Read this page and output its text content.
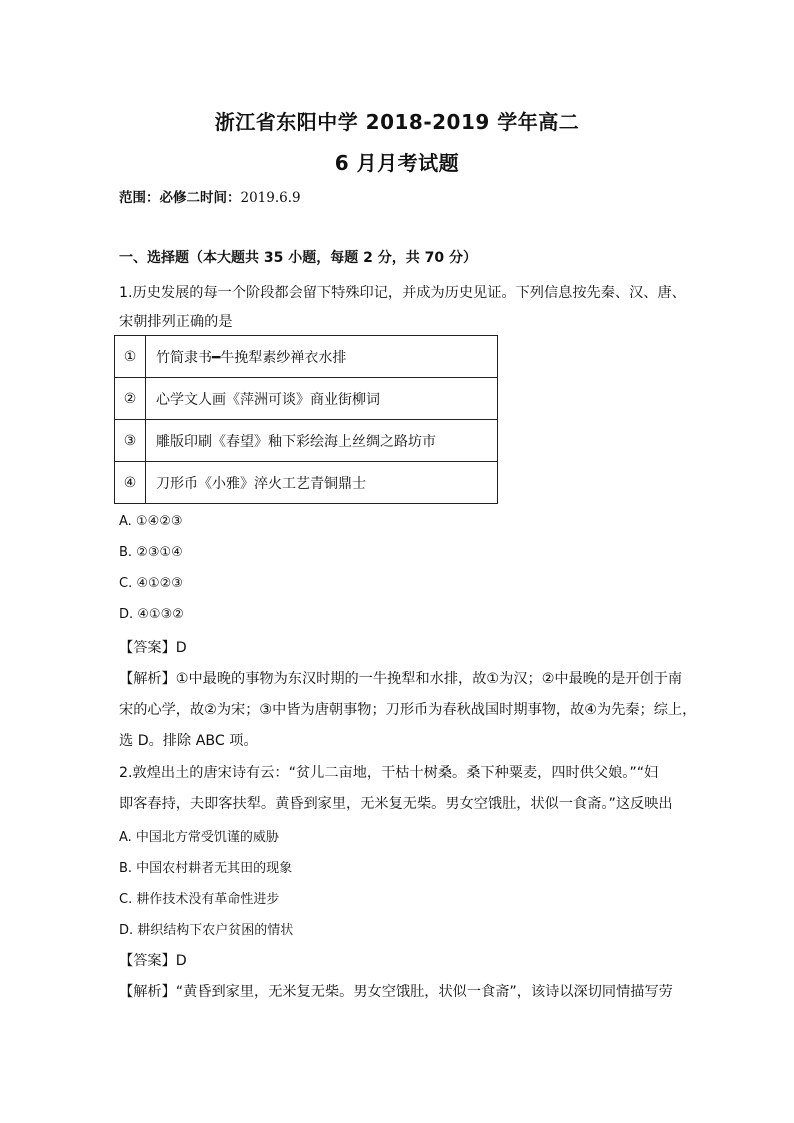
浙江省东阳中学 2018-2019 学年高二
6 月月考试题
范围：必修二时间：2019.6.9
一、选择题（本大题共 35 小题，每题 2 分，共 70 分）
1.历史发展的每一个阶段都会留下特殊印记，并成为历史见证。下列信息按先秦、汉、唐、
宋朝排列正确的是
①	竹简隶书━牛挽犁素纱禅衣水排
②	心学文人画《萍洲可谈》商业街柳词
③	雕版印刷《春望》釉下彩绘海上丝绸之路坊市
④	刀形币《小雅》淬火工艺青铜鼎士
A. ①④②③
B. ②③①④
C. ④①②③
D. ④①③②
【答案】D
【解析】①中最晚的事物为东汉时期的一牛挽犁和水排，故①为汉；②中最晚的是开创于南
宋的心学，故②为宋；③中皆为唐朝事物；刀形币为春秋战国时期事物，故④为先秦；综上，
选 D。排除 ABC 项。
2.敦煌出土的唐宋诗有云：“贫儿二亩地，干枯十树桑。桑下种粟麦，四时供父娘。”“妇
即客春持，夫即客扶犁。黄昏到家里，无米复无柴。男女空饿肚，状似一食斋。”这反映出
A. 中国北方常受饥谨的威胁
B. 中国农村耕者无其田的现象
C. 耕作技术没有革命性进步
D. 耕织结构下农户贫困的情状
【答案】D
【解析】“黄昏到家里，无米复无柴。男女空饿肚，状似一食斋”，该诗以深切同情描写劳
